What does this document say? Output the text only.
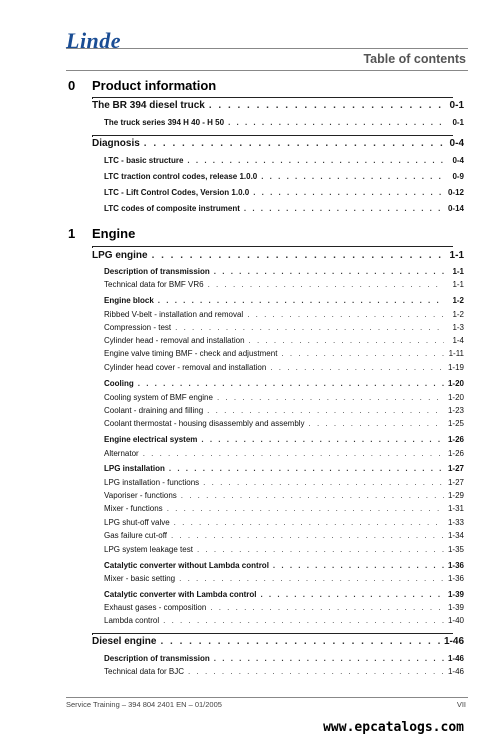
Linde
Table of contents
0 Product information
The BR 394 diesel truck . . .	0-1
The truck series 394 H 40 - H 50 . . .	0-1
Diagnosis . . .	0-4
LTC - basic structure . . .	0-4
LTC traction control codes, release 1.0.0 . . .	0-9
LTC - Lift Control Codes, Version 1.0.0 . . .	0-12
LTC codes of composite instrument . . .	0-14
1 Engine
LPG engine . . .	1-1
Description of transmission . . .	1-1
Technical data for BMF VR6 . . .	1-1
Engine block . . .	1-2
Ribbed V-belt - installation and removal . . .	1-2
Compression - test . . .	1-3
Cylinder head - removal and installation . . .	1-4
Engine valve timing BMF - check and adjustment . . .	1-11
Cylinder head cover - removal and installation . . .	1-19
Cooling . . .	1-20
Cooling system of BMF engine . . .	1-20
Coolant - draining and filling . . .	1-23
Coolant thermostat - housing disassembly and assembly . . .	1-25
Engine electrical system . . .	1-26
Alternator . . .	1-26
LPG installation . . .	1-27
LPG installation - functions . . .	1-27
Vaporiser - functions . . .	1-29
Mixer - functions . . .	1-31
LPG shut-off valve . . .	1-33
Gas failure cut-off . . .	1-34
LPG system leakage test . . .	1-35
Catalytic converter without Lambda control . . .	1-36
Mixer - basic setting . . .	1-36
Catalytic converter with Lambda control . . .	1-39
Exhaust gases - composition . . .	1-39
Lambda control . . .	1-40
Diesel engine . . .	1-46
Description of transmission . . .	1-46
Technical data for BJC . . .	1-46
Service Training – 394 804 2401 EN – 01/2005	VII
www.epcatalogs.com
